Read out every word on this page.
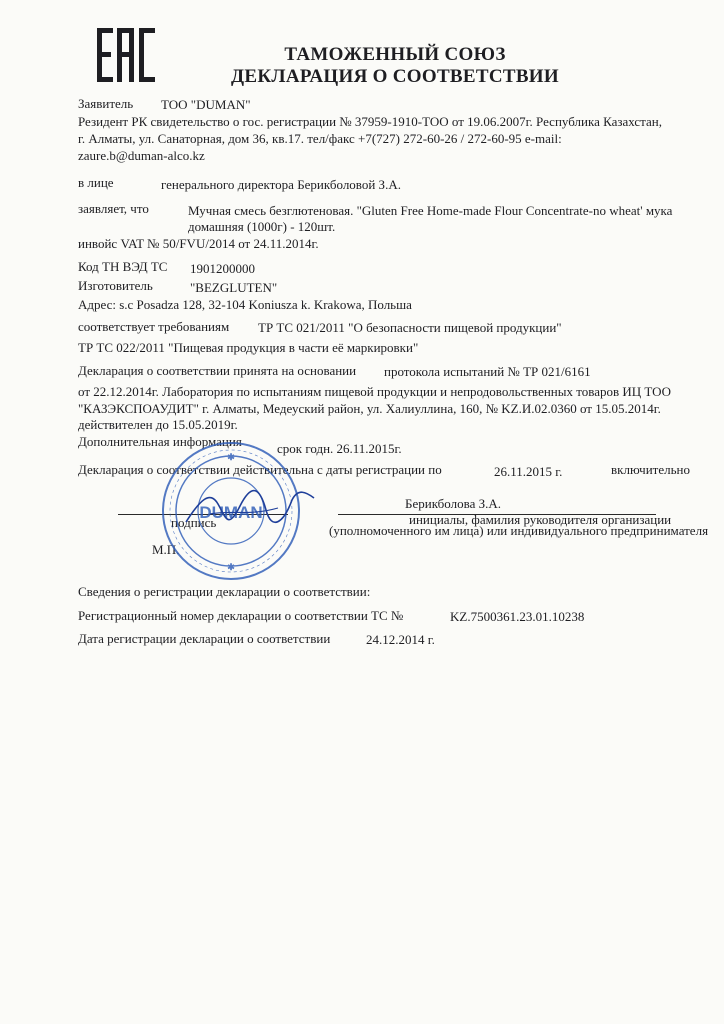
ТАМОЖЕННЫЙ СОЮЗ
ДЕКЛАРАЦИЯ О СООТВЕТСТВИИ
Заявитель ТОО "DUMAN"
Резидент РК свидетельство о гос. регистрации № 37959-1910-ТОО от 19.06.2007г. Республика Казахстан,
г. Алматы, ул. Санаторная, дом 36, кв.17. тел/факс +7(727) 272-60-26 / 272-60-95 e-mail:
zaure.b@duman-alco.kz
в лице	генерального директора Берикболовой З.А.
заявляет, что	Мучная смесь безглютеновая. "Gluten Free Home-made Flour Concentrate-no wheat' мука
домашняя (1000г) - 120шт.
инвойс VAT № 50/FVU/2014 от 24.11.2014г.
Код ТН ВЭД ТС 1901200000
Изготовитель	"BEZGLUTEN"
Адрес: s.c Posadza 128, 32-104 Koniusza k. Krakowa, Польша
соответствует требованиям ТР ТС 021/2011 "О безопасности пищевой продукции"
ТР ТС 022/2011 "Пищевая продукция в части её маркировки"
Декларация о соответствии принята на основании протокола испытаний № ТР 021/6161
от 22.12.2014г. Лаборатория по испытаниям пищевой продукции и непродовольственных товаров ИЦ ТОО
"КАЗЭКСПОАУДИТ" г. Алматы, Медеуский район, ул. Халиуллина, 160, № KZ.И.02.0360 от 15.05.2014г.
действителен до 15.05.2019г.
Дополнительная информация	срок годн. 26.11.2015г.
Декларация о соответствии действительна с даты регистрации по	26.11.2015 г.	включительно
Берикболова З.А.
подпись	инициалы, фамилия руководителя организации
(уполномоченного им лица) или индивидуального предпринимателя
М.П.
DUMAN
✱
✱
Сведения о регистрации декларации о соответствии:
Регистрационный номер декларации о соответствии ТС №	KZ.7500361.23.01.10238
Дата регистрации декларации о соответствии	24.12.2014 г.
